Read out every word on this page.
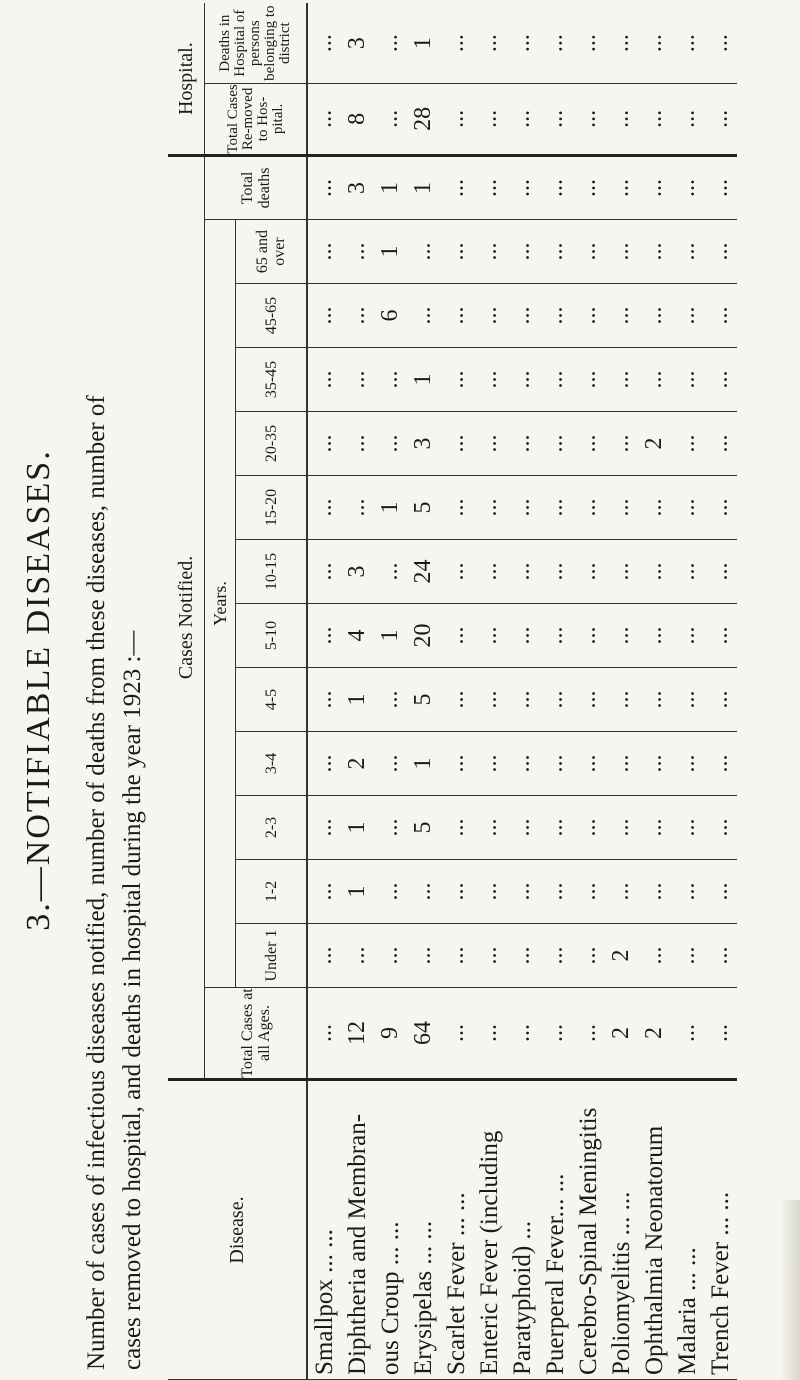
3.—NOTIFIABLE DISEASES. Number of cases of infectious diseases notified, number of deaths from these diseases, number of cases removed to hospital, and deaths in hospital during the year 1923 :—	Disease.	Cases Notified.														Hospital.	
	Total Cases at all Ages.	Years.												Total deaths	Total Cases Re-moved to Hos-pital.	Deaths in Hospital of persons belonging to district
		Under 1	1-2	2-3	3-4	4-5	5-10	10-15	15-20	20-35	35-45	45-65	65 and over			
Smallpox ... ...	...	...	...	...	...	...	...	...	...	...	...	...	...	...	...	...
Diphtheria and Membran-	12	...	1	1	2	1	4	3	...	...	...	...	...	3	8	3
ous Croup ... ...	9	...	...	...	...	...	1	...	1	...	...	6	1	1	...	...
Erysipelas ... ...	64	...	...	5	1	5	20	24	5	3	1	...	...	1	28	1
Scarlet Fever ... ...	...	...	...	...	...	...	...	...	...	...	...	...	...	...	...	...
Enteric Fever (including	...	...	...	...	...	...	...	...	...	...	...	...	...	...	...	...
Paratyphoid) ...	...	...	...	...	...	...	...	...	...	...	...	...	...	...	...	...
Puerperal Fever... ...	...	...	...	...	...	...	...	...	...	...	...	...	...	...	...	...
Cerebro-Spinal Meningitis	...	...	...	...	...	...	...	...	...	...	...	...	...	...	...	...
Poliomyelitis ... ...	2	2	...	...	...	...	...	...	...	...	...	...	...	...	...	...
Ophthalmia Neonatorum	2	...	...	...	...	...	...	...	...	2	...	...	...	...	...	...
Malaria ... ...	...	...	...	...	...	...	...	...	...	...	...	...	...	...	...	...
Trench Fever ... ...	...	...	...	...	...	...	...	...	...	...	...	...	...	...	...	...
